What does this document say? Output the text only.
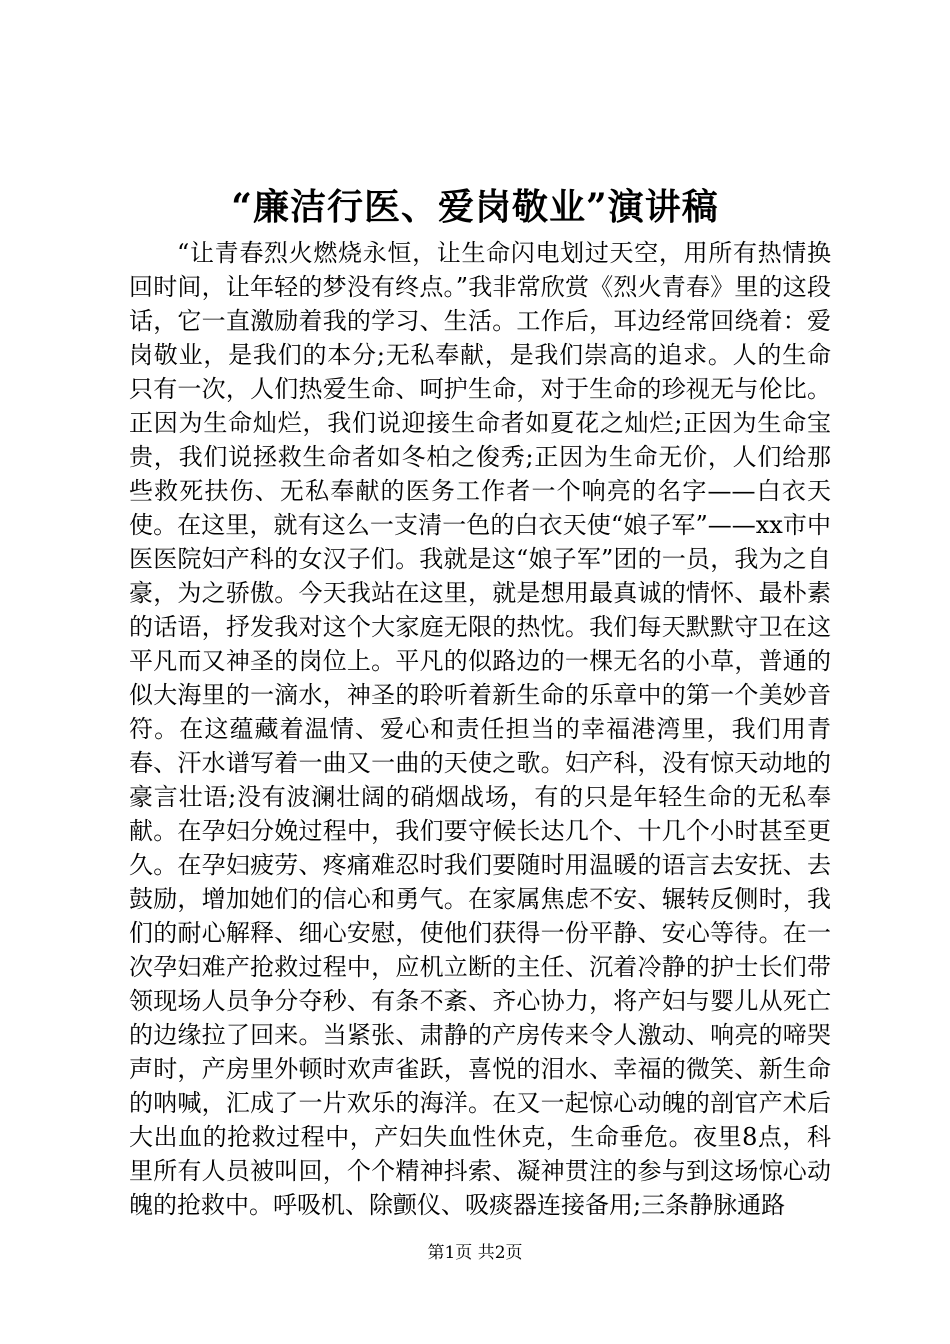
“廉洁行医、爱岗敬业”演讲稿

“让青春烈火燃烧永恒，让生命闪电划过天空，用所有热情换回时间，让年轻的梦没有终点。”我非常欣赏《烈火青春》里的这段话，它一直激励着我的学习、生活。工作后，耳边经常回绕着：爱岗敬业，是我们的本分;无私奉献，是我们崇高的追求。人的生命只有一次，人们热爱生命、呵护生命，对于生命的珍视无与伦比。正因为生命灿烂，我们说迎接生命者如夏花之灿烂;正因为生命宝贵，我们说拯救生命者如冬柏之俊秀;正因为生命无价，人们给那些救死扶伤、无私奉献的医务工作者一个响亮的名字——白衣天使。在这里，就有这么一支清一色的白衣天使“娘子军”——xx市中医医院妇产科的女汉子们。我就是这“娘子军”团的一员，我为之自豪，为之骄傲。今天我站在这里，就是想用最真诚的情怀、最朴素的话语，抒发我对这个大家庭无限的热忱。我们每天默默守卫在这平凡而又神圣的岗位上。平凡的似路边的一棵无名的小草，普通的似大海里的一滴水，神圣的聆听着新生命的乐章中的第一个美妙音符。在这蕴藏着温情、爱心和责任担当的幸福港湾里，我们用青春、汗水谱写着一曲又一曲的天使之歌。妇产科，没有惊天动地的豪言壮语;没有波澜壮阔的硝烟战场，有的只是年轻生命的无私奉献。在孕妇分娩过程中，我们要守候长达几个、十几个小时甚至更久。在孕妇疲劳、疼痛难忍时我们要随时用温暖的语言去安抚、去鼓励，增加她们的信心和勇气。在家属焦虑不安、辗转反侧时，我们的耐心解释、细心安慰，使他们获得一份平静、安心等待。在一次孕妇难产抢救过程中，应机立断的主任、沉着冷静的护士长们带领现场人员争分夺秒、有条不紊、齐心协力，将产妇与婴儿从死亡的边缘拉了回来。当紧张、肃静的产房传来令人激动、响亮的啼哭声时，产房里外顿时欢声雀跃，喜悦的泪水、幸福的微笑、新生命的呐喊，汇成了一片欢乐的海洋。在又一起惊心动魄的剖官产术后大出血的抢救过程中，产妇失血性休克，生命垂危。夜里8点，科里所有人员被叫回，个个精神抖索、凝神贯注的参与到这场惊心动魄的抢救中。呼吸机、除颤仪、吸痰器连接备用;三条静脉通路

第1页 共2页
